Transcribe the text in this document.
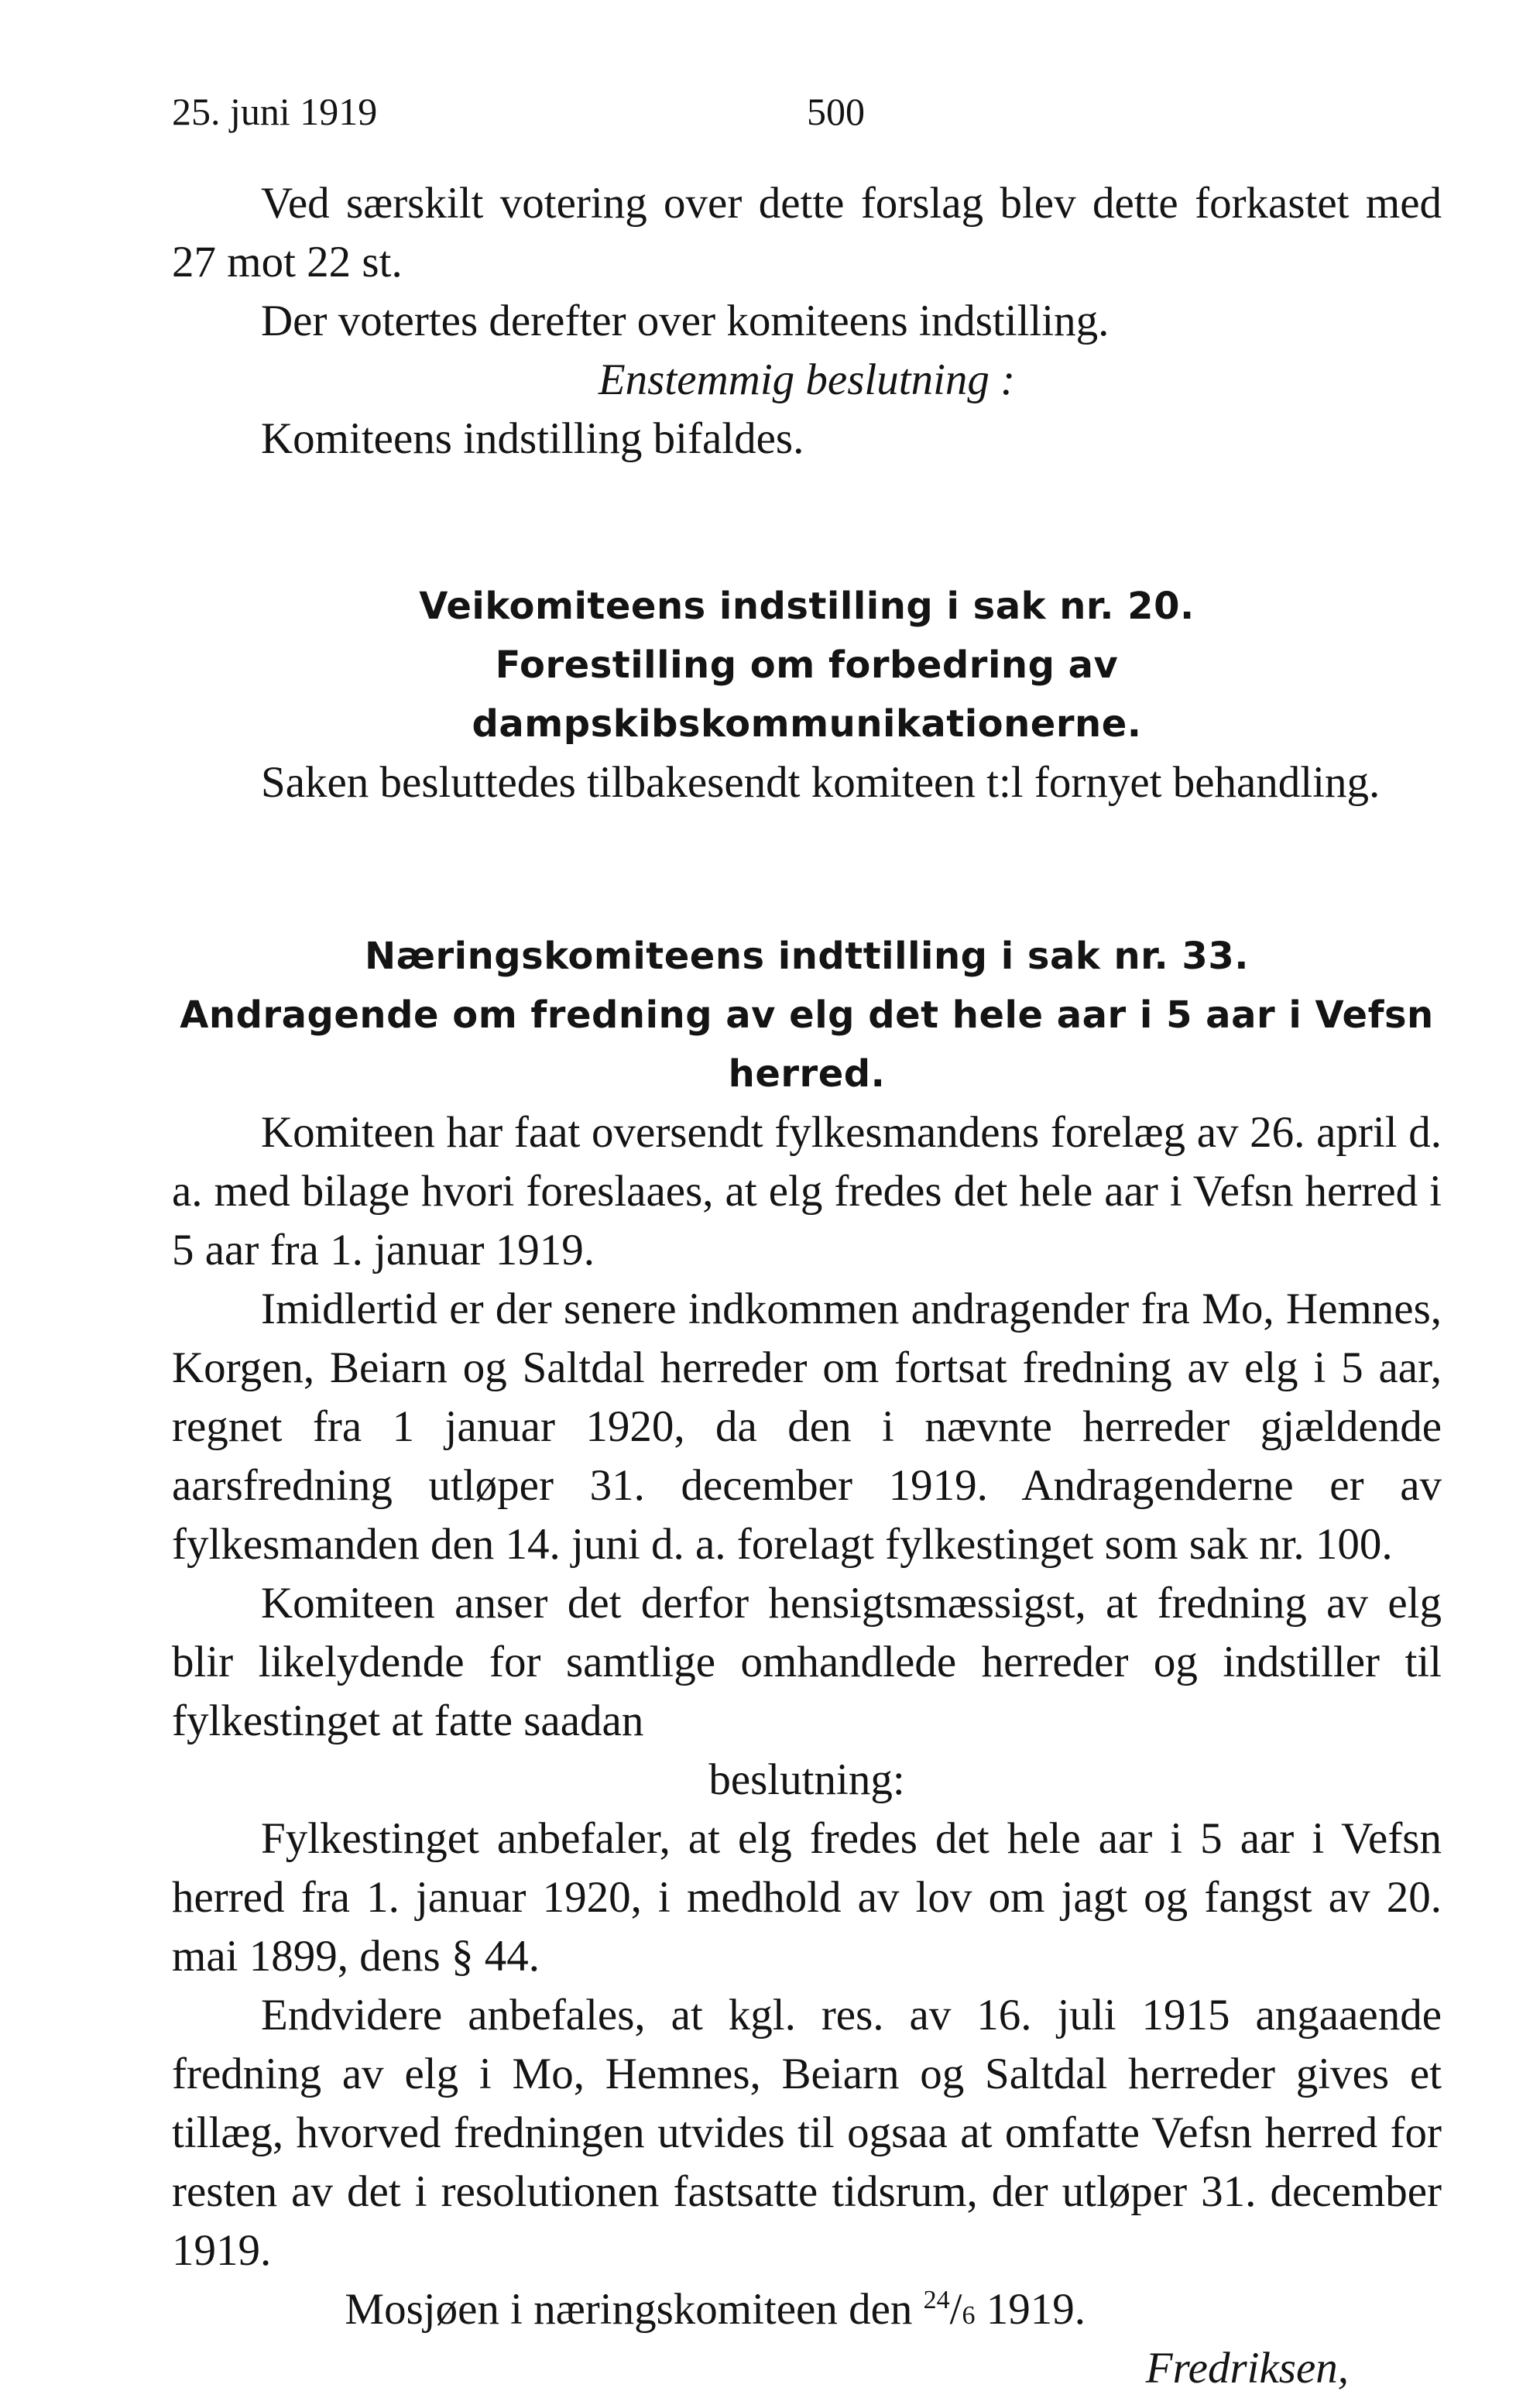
25. juni 1919	500

Ved særskilt votering over dette forslag blev dette forkastet med 27 mot 22 st.

Der votertes derefter over komiteens indstilling.

Enstemmig beslutning :

Komiteens indstilling bifaldes.

Veikomiteens indstilling i sak nr. 20.

Forestilling om forbedring av dampskibskommunikationerne.

Saken besluttedes tilbakesendt komiteen t:l fornyet behandling.

Næringskomiteens indttilling i sak nr. 33.

Andragende om fredning av elg det hele aar i 5 aar i Vefsn herred.

Komiteen har faat oversendt fylkesmandens forelæg av 26. april d. a. med bilage hvori foreslaaes, at elg fredes det hele aar i Vefsn herred i 5 aar fra 1. januar 1919.

Imidlertid er der senere indkommen andragender fra Mo, Hemnes, Korgen, Beiarn og Saltdal herreder om fortsat fredning av elg i 5 aar, regnet fra 1 januar 1920, da den i nævnte herreder gjældende aarsfredning utløper 31. december 1919. Andragenderne er av fylkesmanden den 14. juni d. a. forelagt fylkestinget som sak nr. 100.

Komiteen anser det derfor hensigtsmæssigst, at fredning av elg blir likelydende for samtlige omhandlede herreder og indstiller til fylkestinget at fatte saadan

beslutning:

Fylkestinget anbefaler, at elg fredes det hele aar i 5 aar i Vefsn herred fra 1. januar 1920, i medhold av lov om jagt og fangst av 20. mai 1899, dens § 44.

Endvidere anbefales, at kgl. res. av 16. juli 1915 angaaende fredning av elg i Mo, Hemnes, Beiarn og Saltdal herreder gives et tillæg, hvorved fredningen utvides til ogsaa at omfatte Vefsn herred for resten av det i resolutionen fastsatte tidsrum, der utløper 31. december 1919.

Mosjøen i næringskomiteen den $^{24}$/6 1919.

Fredriksen,
